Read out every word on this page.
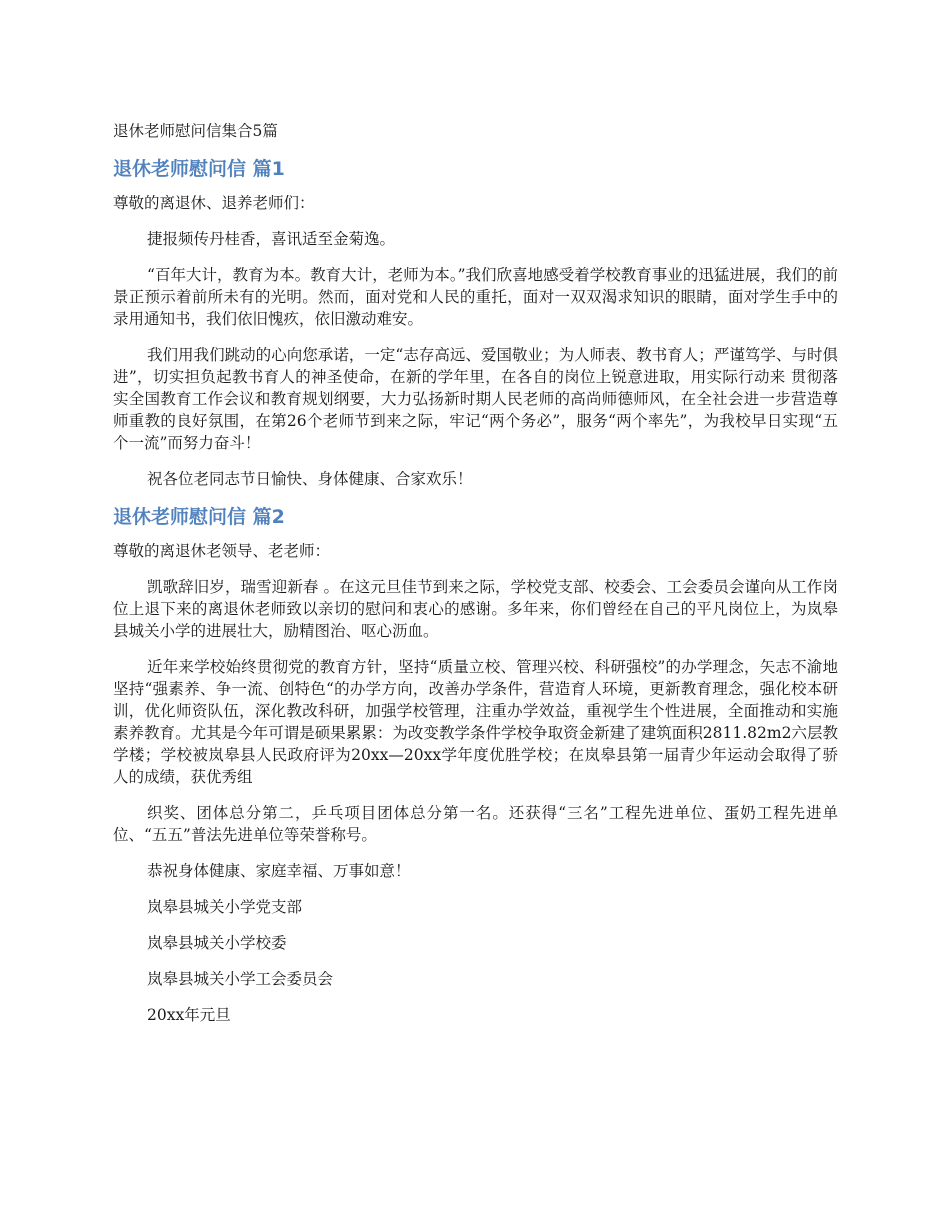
退休老师慰问信集合5篇
退休老师慰问信 篇1
尊敬的离退休、退养老师们：

捷报频传丹桂香，喜讯适至金菊逸。

“百年大计，教育为本。教育大计，老师为本。”我们欣喜地感受着学校教育事业的迅猛进展，我们的前景正预示着前所未有的光明。然而，面对党和人民的重托，面对一双双渴求知识的眼睛，面对学生手中的录用通知书，我们依旧愧疚，依旧激动难安。

我们用我们跳动的心向您承诺，一定“志存高远、爱国敬业；为人师表、教书育人；严谨笃学、与时俱进”，切实担负起教书育人的神圣使命，在新的学年里，在各自的岗位上锐意进取，用实际行动来 贯彻落实全国教育工作会议和教育规划纲要，大力弘扬新时期人民老师的高尚师德师风，在全社会进一步营造尊师重教的良好氛围，在第26个老师节到来之际，牢记“两个务必”，服务“两个率先”，为我校早日实现“五个一流”而努力奋斗！

祝各位老同志节日愉快、身体健康、合家欢乐！

退休老师慰问信 篇2
尊敬的离退休老领导、老老师：

凯歌辞旧岁，瑞雪迎新春 。在这元旦佳节到来之际，学校党支部、校委会、工会委员会谨向从工作岗位上退下来的离退休老师致以亲切的慰问和衷心的感谢。多年来，你们曾经在自己的平凡岗位上，为岚皋县城关小学的进展壮大，励精图治、呕心沥血。

近年来学校始终贯彻党的教育方针，坚持“质量立校、管理兴校、科研强校”的办学理念，矢志不渝地坚持“强素养、争一流、创特色“的办学方向，改善办学条件，营造育人环境，更新教育理念，强化校本研训，优化师资队伍，深化教改科研，加强学校管理，注重办学效益，重视学生个性进展，全面推动和实施素养教育。尤其是今年可谓是硕果累累：为改变教学条件学校争取资金新建了建筑面积2811.82m2六层教学楼；学校被岚皋县人民政府评为20xx—20xx学年度优胜学校；在岚皋县第一届青少年运动会取得了骄人的成绩，获优秀组

织奖、团体总分第二，乒乓项目团体总分第一名。还获得“三名”工程先进单位、蛋奶工程先进单位、“五五”普法先进单位等荣誉称号。

恭祝身体健康、家庭幸福、万事如意！

岚皋县城关小学党支部
岚皋县城关小学校委
岚皋县城关小学工会委员会
20xx年元旦
